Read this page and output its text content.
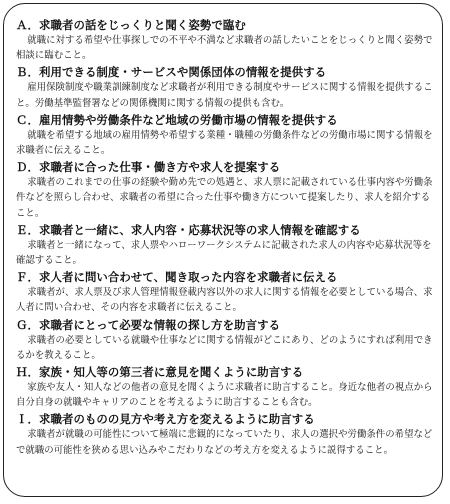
Ａ．求職者の話をじっくりと聞く姿勢で臨む
就職に対する希望や仕事探しでの不平や不満など求職者の話したいことをじっくりと聞く姿勢で相談に臨むこと。
Ｂ．利用できる制度・サービスや関係団体の情報を提供する
雇用保険制度や職業訓練制度など求職者が利用できる制度やサービスに関する情報を提供すること。労働基準監督署などの関係機関に関する情報の提供も含む。
Ｃ．雇用情勢や労働条件など地域の労働市場の情報を提供する
就職を希望する地域の雇用情勢や希望する業種・職種の労働条件などの労働市場に関する情報を求職者に伝えること。
Ｄ．求職者に合った仕事・働き方や求人を提案する
求職者のこれまでの仕事の経験や勤め先での処遇と、求人票に記載されている仕事内容や労働条件などを照らし合わせ、求職者の希望に合った仕事や働き方について提案したり、求人を紹介すること。
Ｅ．求職者と一緒に、求人内容・応募状況等の求人情報を確認する
求職者と一緒になって、求人票やハローワークシステムに記載された求人の内容や応募状況等を確認すること。
Ｆ．求人者に問い合わせて、聞き取った内容を求職者に伝える
求職者が、求人票及び求人管理情報登載内容以外の求人に関する情報を必要としている場合、求人者に問い合わせ、その内容を求職者に伝えること。
Ｇ．求職者にとって必要な情報の探し方を助言する
求職者の必要としている就職や仕事などに関する情報がどこにあり、どのようにすれば利用できるかを教えること。
Ｈ．家族・知人等の第三者に意見を聞くように助言する
家族や友人・知人などの他者の意見を聞くように求職者に助言すること。身近な他者の視点から自分自身の就職やキャリアのことを考えるように助言することも含む。
Ｉ．求職者のものの見方や考え方を変えるように助言する
求職者が就職の可能性について極端に悲観的になっていたり、求人の選択や労働条件の希望などで就職の可能性を狭める思い込みやこだわりなどの考え方を変えるように説得すること。
